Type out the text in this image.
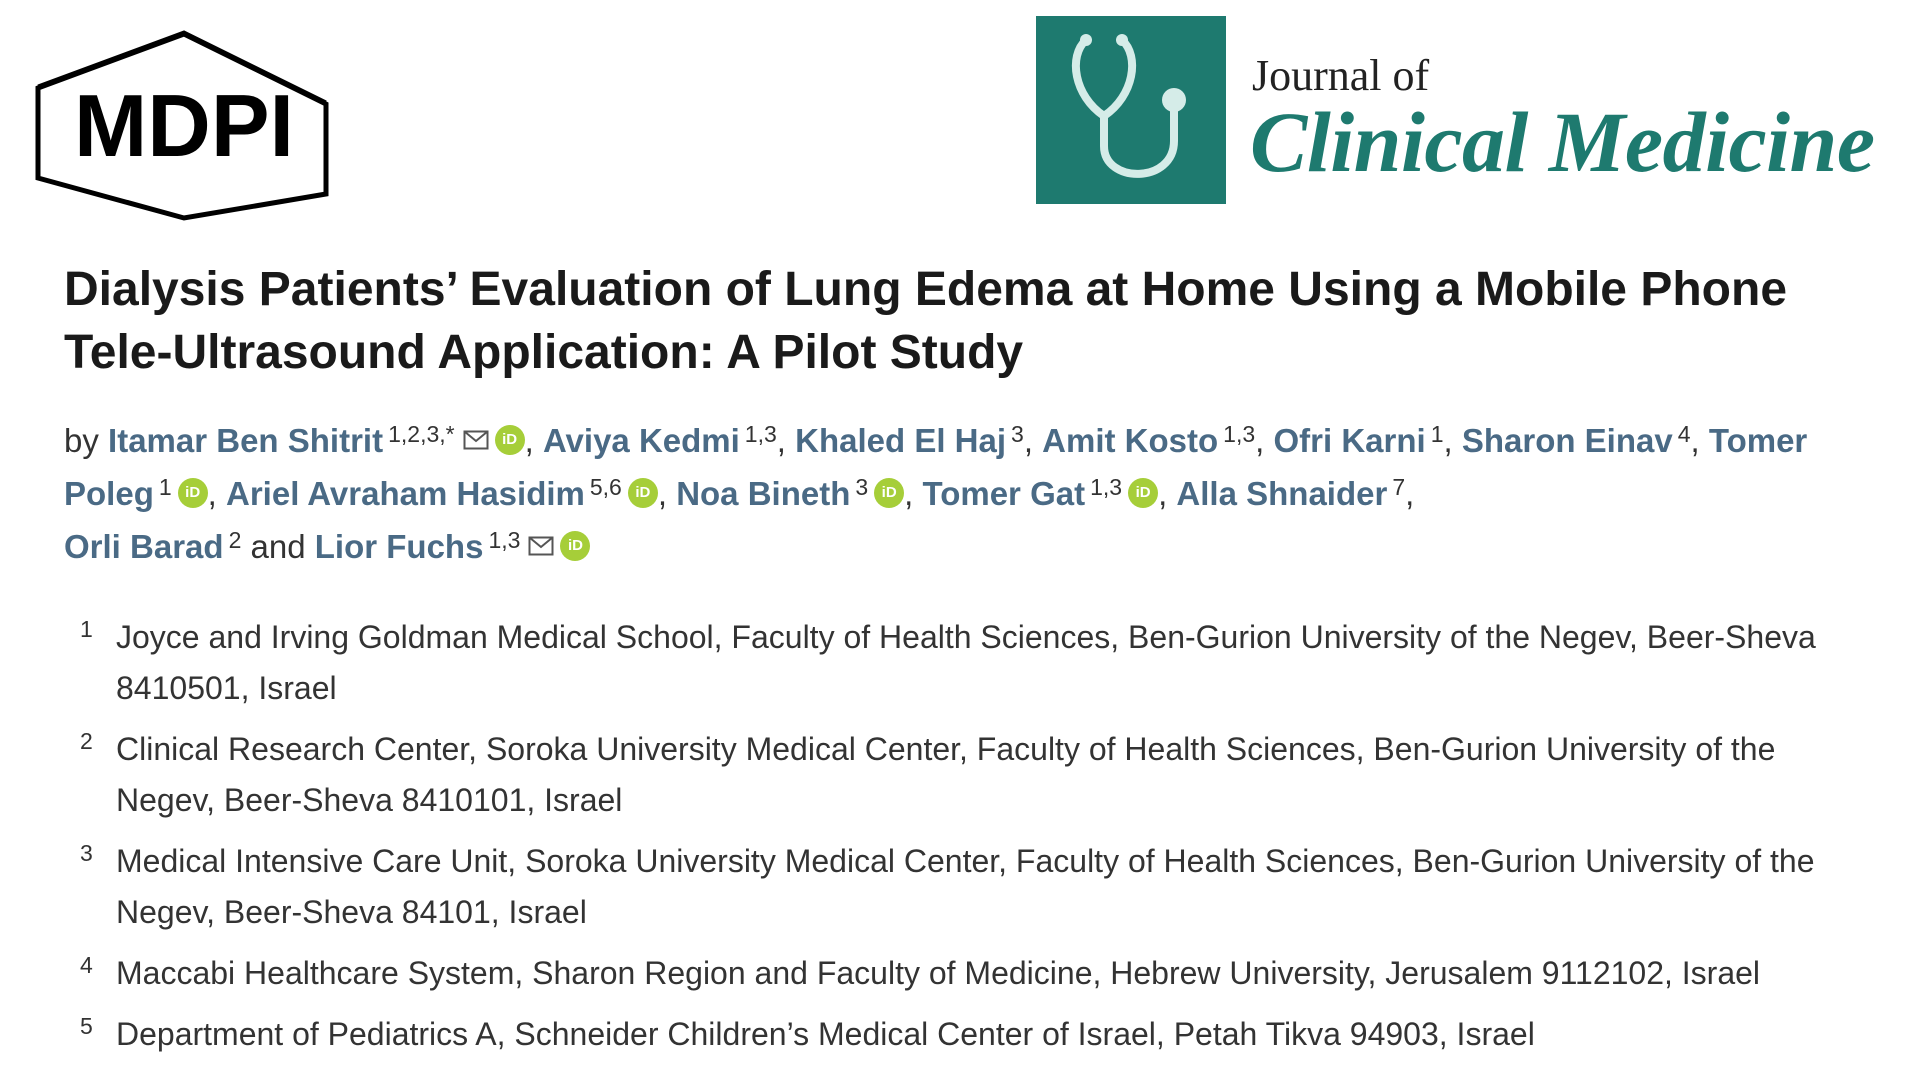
MDPI
Journal of
Clinical Medicine
Dialysis Patients’ Evaluation of Lung Edema at Home Using a Mobile Phone Tele-Ultrasound Application: A Pilot Study
by Itamar Ben Shitrit $^{1,2,3,*}$	iD , Aviya Kedmi $^{1,3}$, Khaled El Haj $^3$, Amit Kosto $^{1,3}$, Ofri Karni $^1$, Sharon Einav $^4$, Tomer Poleg $^1$ iD , Ariel Avraham Hasidim $^{5,6}$ iD , Noa Bineth $^3$ iD , Tomer Gat $^{1,3}$ iD , Alla Shnaider $^7$,
Orli Barad $^2$ and Lior Fuchs $^{1,3}$	iD
1 Joyce and Irving Goldman Medical School, Faculty of Health Sciences, Ben-Gurion University of the Negev, Beer-Sheva 8410501, Israel
2 Clinical Research Center, Soroka University Medical Center, Faculty of Health Sciences, Ben-Gurion University of the Negev, Beer-Sheva 8410101, Israel
3 Medical Intensive Care Unit, Soroka University Medical Center, Faculty of Health Sciences, Ben-Gurion University of the Negev, Beer-Sheva 84101, Israel
4 Maccabi Healthcare System, Sharon Region and Faculty of Medicine, Hebrew University, Jerusalem 9112102, Israel
5 Department of Pediatrics A, Schneider Children’s Medical Center of Israel, Petah Tikva 94903, Israel
